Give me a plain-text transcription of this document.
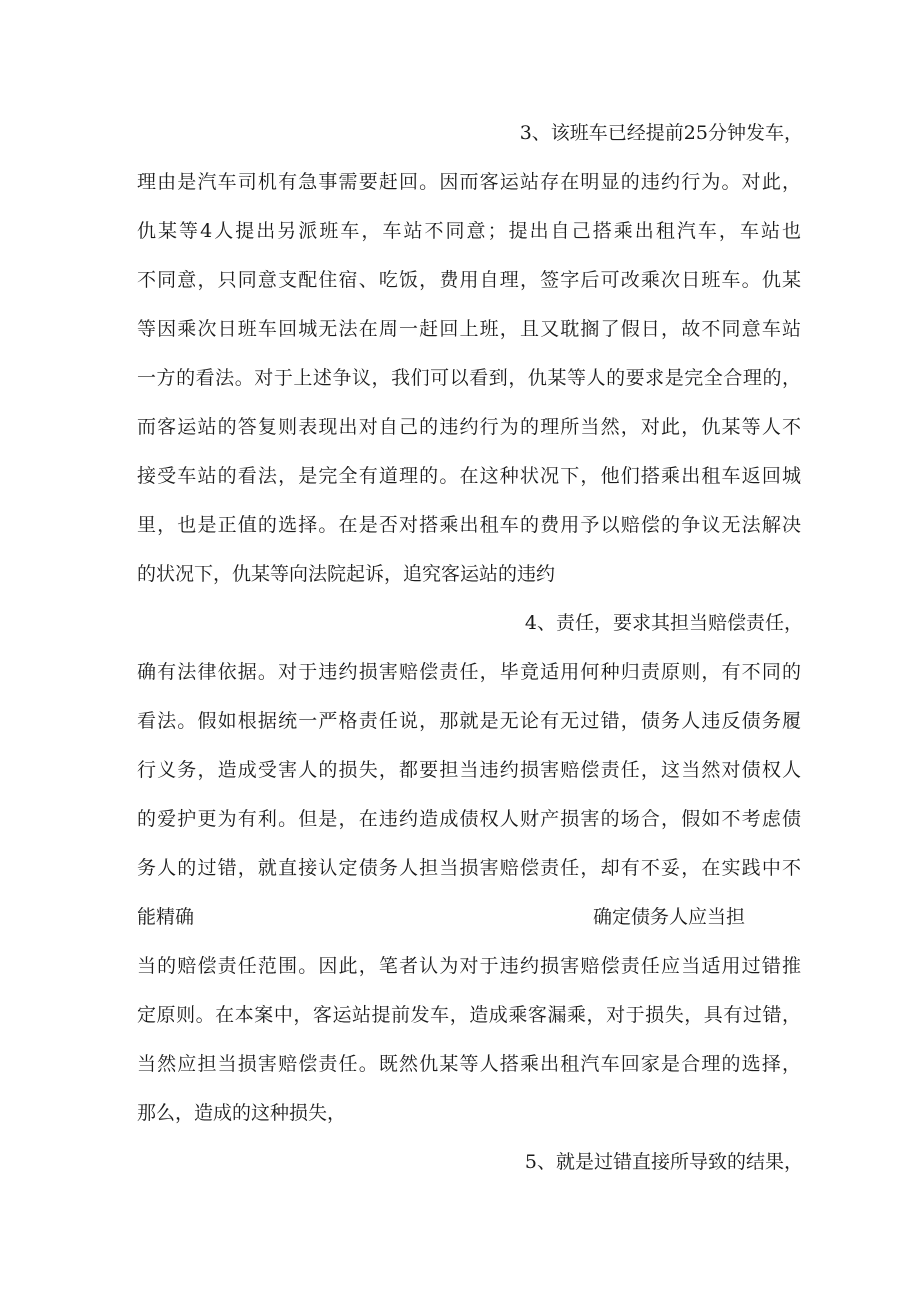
3、该班车已经提前25分钟发车，
理由是汽车司机有急事需要赶回。因而客运站存在明显的违约行为。对此，
仇某等4人提出另派班车，车站不同意；提出自己搭乘出租汽车，车站也
不同意，只同意支配住宿、吃饭，费用自理，签字后可改乘次日班车。仇某
等因乘次日班车回城无法在周一赶回上班，且又耽搁了假日，故不同意车站
一方的看法。对于上述争议，我们可以看到，仇某等人的要求是完全合理的，
而客运站的答复则表现出对自己的违约行为的理所当然，对此，仇某等人不
接受车站的看法，是完全有道理的。在这种状况下，他们搭乘出租车返回城
里，也是正值的选择。在是否对搭乘出租车的费用予以赔偿的争议无法解决
的状况下，仇某等向法院起诉，追究客运站的违约
4、责任，要求其担当赔偿责任，
确有法律依据。对于违约损害赔偿责任，毕竟适用何种归责原则，有不同的
看法。假如根据统一严格责任说，那就是无论有无过错，债务人违反债务履
行义务，造成受害人的损失，都要担当违约损害赔偿责任，这当然对债权人
的爱护更为有利。但是，在违约造成债权人财产损害的场合，假如不考虑债
务人的过错，就直接认定债务人担当损害赔偿责任，却有不妥，在实践中不
能精确	确定债务人应当担
当的赔偿责任范围。因此，笔者认为对于违约损害赔偿责任应当适用过错推
定原则。在本案中，客运站提前发车，造成乘客漏乘，对于损失，具有过错，
当然应担当损害赔偿责任。既然仇某等人搭乘出租汽车回家是合理的选择，
那么，造成的这种损失，
5、就是过错直接所导致的结果，
